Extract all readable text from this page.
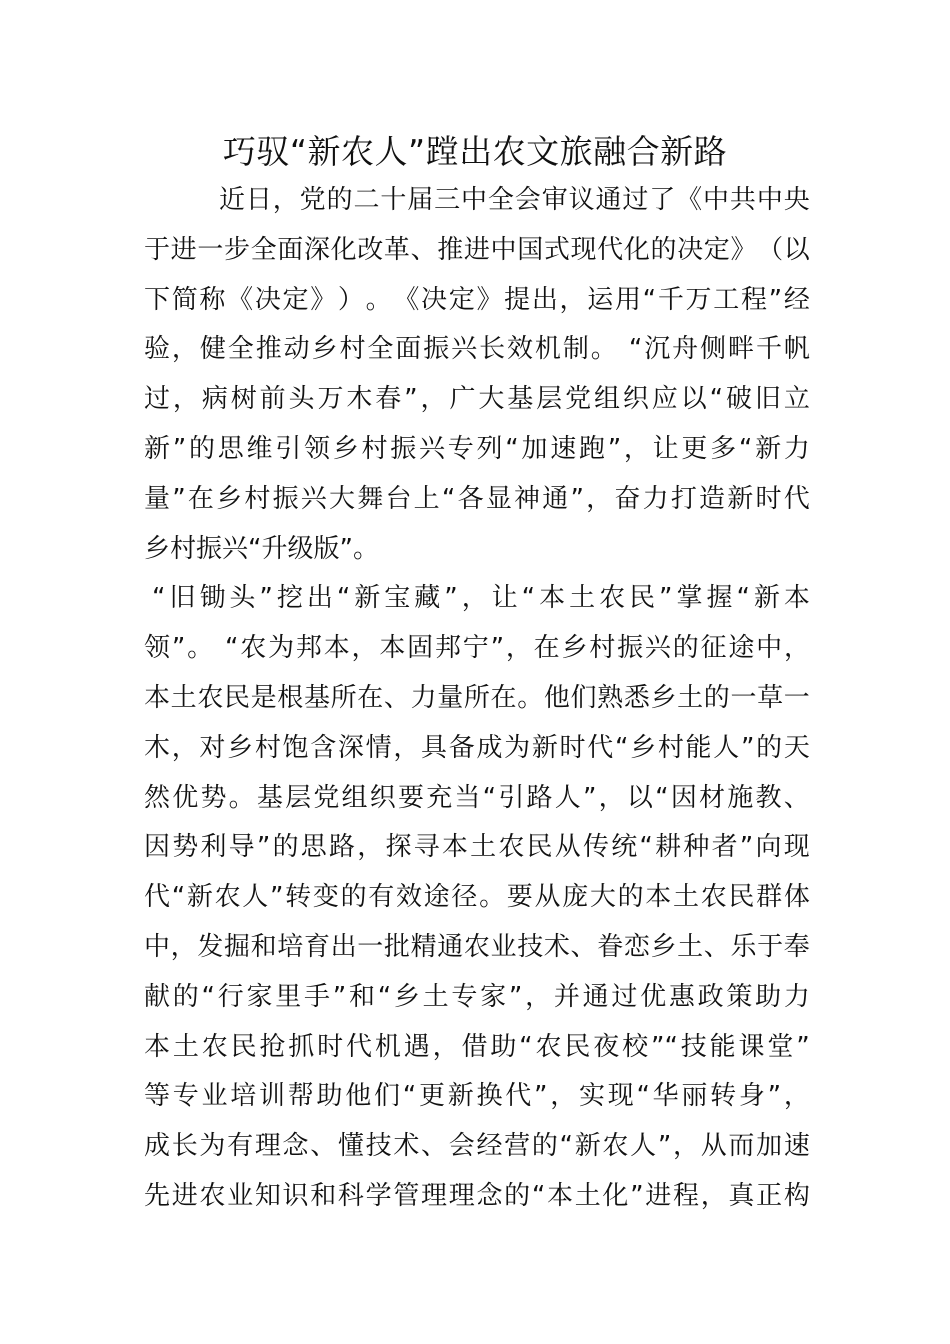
巧驭“新农人”蹚出农文旅融合新路

近日，党的二十届三中全会审议通过了《中共中央
于进一步全面深化改革、推进中国式现代化的决定》（以
下简称《决定》）。《决定》提出，运用“千万工程”经
验，健全推动乡村全面振兴长效机制。 “沉舟侧畔千帆
过，病树前头万木春”，广大基层党组织应以“破旧立
新”的思维引领乡村振兴专列“加速跑”，让更多“新力
量”在乡村振兴大舞台上“各显神通”，奋力打造新时代
乡村振兴“升级版”。

“旧锄头”挖出“新宝藏”，让“本土农民”掌握“新本
领”。 “农为邦本，本固邦宁”，在乡村振兴的征途中，
本土农民是根基所在、力量所在。他们熟悉乡土的一草一
木，对乡村饱含深情，具备成为新时代“乡村能人”的天
然优势。基层党组织要充当“引路人”，以“因材施教、
因势利导”的思路，探寻本土农民从传统“耕种者”向现
代“新农人”转变的有效途径。要从庞大的本土农民群体
中，发掘和培育出一批精通农业技术、眷恋乡土、乐于奉
献的“行家里手”和“乡土专家”，并通过优惠政策助力
本土农民抢抓时代机遇，借助“农民夜校”“技能课堂”
等专业培训帮助他们“更新换代”，实现“华丽转身”，
成长为有理念、懂技术、会经营的“新农人”，从而加速
先进农业知识和科学管理理念的“本土化”进程，真正构
